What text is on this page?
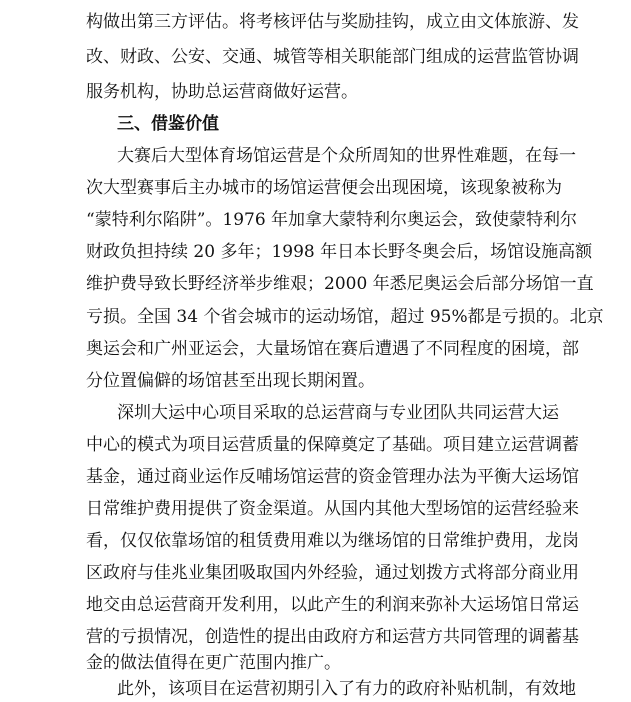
构做出第三方评估。将考核评估与奖励挂钩，成立由文体旅游、发
改、财政、公安、交通、城管等相关职能部门组成的运营监管协调
服务机构，协助总运营商做好运营。
三、借鉴价值
大赛后大型体育场馆运营是个众所周知的世界性难题，在每一
次大型赛事后主办城市的场馆运营便会出现困境，该现象被称为
“蒙特利尔陷阱”。1976 年加拿大蒙特利尔奥运会，致使蒙特利尔
财政负担持续 20 多年；1998 年日本长野冬奥会后，场馆设施高额
维护费导致长野经济举步维艰；2000 年悉尼奥运会后部分场馆一直
亏损。全国 34 个省会城市的运动场馆，超过 95%都是亏损的。北京
奥运会和广州亚运会，大量场馆在赛后遭遇了不同程度的困境，部
分位置偏僻的场馆甚至出现长期闲置。
深圳大运中心项目采取的总运营商与专业团队共同运营大运
中心的模式为项目运营质量的保障奠定了基础。项目建立运营调蓄
基金，通过商业运作反哺场馆运营的资金管理办法为平衡大运场馆
日常维护费用提供了资金渠道。从国内其他大型场馆的运营经验来
看，仅仅依靠场馆的租赁费用难以为继场馆的日常维护费用，龙岗
区政府与佳兆业集团吸取国内外经验，通过划拨方式将部分商业用
地交由总运营商开发利用，以此产生的利润来弥补大运场馆日常运
营的亏损情况，创造性的提出由政府方和运营方共同管理的调蓄基
金的做法值得在更广范围内推广。
此外，该项目在运营初期引入了有力的政府补贴机制，有效地
